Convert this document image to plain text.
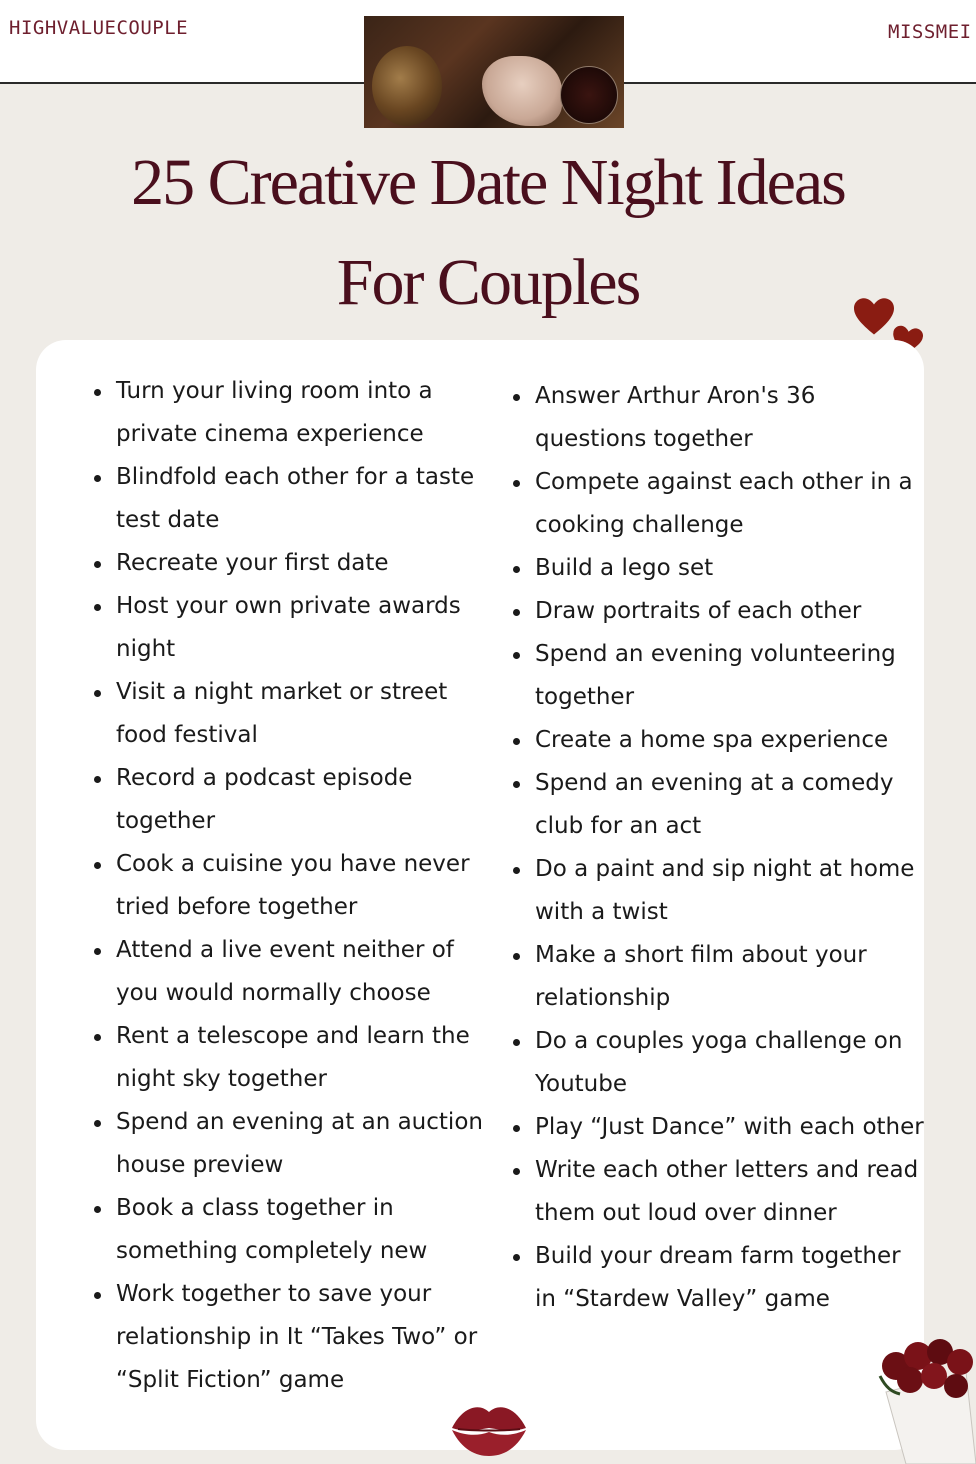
HIGHVALUECOUPLE	MISSMEI
25 Creative Date Night Ideas
For Couples
Turn your living room into a private cinema experience
Blindfold each other for a taste test date
Recreate your first date
Host your own private awards night
Visit a night market or street food festival
Record a podcast episode together
Cook a cuisine you have never tried before together
Attend a live event neither of you would normally choose
Rent a telescope and learn the night sky together
Spend an evening at an auction house preview
Book a class together in something completely new
Work together to save your relationship in It “Takes Two” or “Split Fiction” game
Answer Arthur Aron's 36 questions together
Compete against each other in a cooking challenge
Build a lego set
Draw portraits of each other
Spend an evening volunteering together
Create a home spa experience
Spend an evening at a comedy club for an act
Do a paint and sip night at home with a twist
Make a short film about your relationship
Do a couples yoga challenge on Youtube
Play “Just Dance” with each other
Write each other letters and read them out loud over dinner
Build your dream farm together in “Stardew Valley” game
